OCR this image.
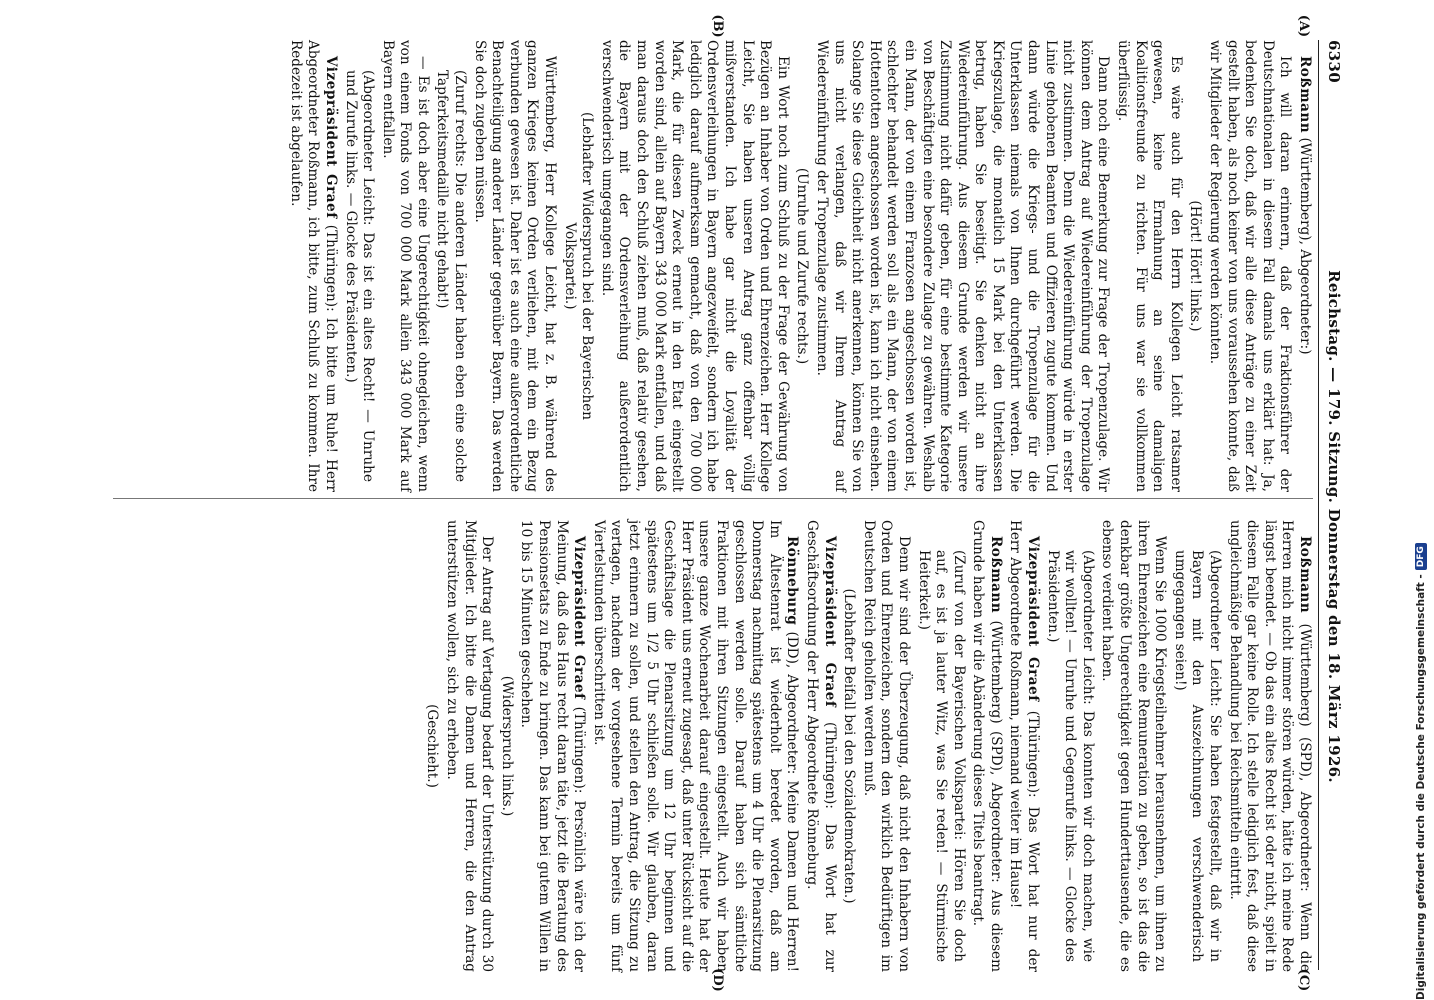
6330
Reichstag. — 179. Sitzung. Donnerstag den 18. März 1926.

Roßmann (Württemberg), Abgeordneter:)

Ich will daran erinnern, daß der Fraktionsführer der Deutschnationalen in diesem Fall damals uns erklärt hat: Ja, bedenken Sie doch, daß wir alle diese Anträge zu einer Zeit gestellt haben, als noch keiner von uns voraussehen konnte, daß wir Mitglieder der Regierung werden könnten.

(Hört! Hört! links.)

Es wäre auch für den Herrn Kollegen Leicht ratsamer gewesen, keine Ermahnung an seine damaligen Koalitionsfreunde zu richten. Für uns war sie vollkommen überflüssig.

Dann noch eine Bemerkung zur Frage der Tropenzulage. Wir können dem Antrag auf Wiedereinführung der Tropenzulage nicht zustimmen. Denn die Wiedereinführung würde in erster Linie gehobenen Beamten und Offizieren zugute kommen. Und dann würde die Kriegs- und die Tropenzulage für die Unterklassen niemals von Ihnen durchgeführt werden. Die Kriegszulage, die monatlich 15 Mark bei den Unterklassen betrug, haben Sie beseitigt. Sie denken nicht an ihre Wiedereinführung. Aus diesem Grunde werden wir unsere Zustimmung nicht dafür geben, für eine bestimmte Kategorie von Beschäftigten eine besondere Zulage zu gewähren. Weshalb ein Mann, der von einem Franzosen angeschossen worden ist, schlechter behandelt werden soll als ein Mann, der von einem Hottentotten angeschossen worden ist, kann ich nicht einsehen. Solange Sie diese Gleichheit nicht anerkennen, können Sie von uns nicht verlangen, daß wir Ihrem Antrag auf Wiedereinführung der Tropenzulage zustimmen.

(Unruhe und Zurufe rechts.)

Ein Wort noch zum Schluß zu der Frage der Gewährung von Bezügen an Inhaber von Orden und Ehrenzeichen. Herr Kollege Leicht, Sie haben unseren Antrag ganz offenbar völlig mißverstanden. Ich habe gar nicht die Loyalität der Ordensverleihungen in Bayern angezweifelt, sondern ich habe lediglich darauf aufmerksam gemacht, daß von den 700 000 Mark, die für diesen Zweck erneut in den Etat eingestellt worden sind, allein auf Bayern 343 000 Mark entfallen, und daß man daraus doch den Schluß ziehen muß, daß relativ gesehen, die Bayern mit der Ordensverleihung außerordentlich verschwenderisch umgegangen sind.

(Lebhafter Widerspruch bei der Bayerischen Volkspartei.)

Württemberg, Herr Kollege Leicht, hat z. B. während des ganzen Krieges keinen Orden verliehen, mit dem ein Bezug verbunden gewesen ist. Daher ist es auch eine außerordentliche Benachteiligung anderer Länder gegenüber Bayern. Das werden Sie doch zugeben müssen.

(Zuruf rechts: Die anderen Länder haben eben eine solche Tapferkeitsmedaille nicht gehabt!)

— Es ist doch aber eine Ungerechtigkeit ohnegleichen, wenn von einem Fonds von 700 000 Mark allein 343 000 Mark auf Bayern entfallen.

(Abgeordneter Leicht: Das ist ein altes Recht! — Unruhe und Zurufe links. — Glocke des Präsidenten.)

Vizepräsident Graef (Thüringen): Ich bitte um Ruhe! Herr Abgeordneter Roßmann, ich bitte, zum Schluß zu kommen. Ihre Redezeit ist abgelaufen.

Roßmann (Württemberg) (SPD), Abgeordneter: Wenn die Herren mich nicht immer stören würden, hätte ich meine Rede längst beendet. — Ob das ein altes Recht ist oder nicht, spielt in diesem Falle gar keine Rolle. Ich stelle lediglich fest, daß diese ungleichmäßige Behandlung bei Reichsmitteln eintritt.

(Abgeordneter Leicht: Sie haben festgestellt, daß wir in Bayern mit den Auszeichnungen verschwenderisch umgegangen seien!)

Wenn Sie 1000 Kriegsteilnehmer herausnehmen, um ihnen zu ihren Ehrenzeichen eine Remuneration zu geben, so ist das die denkbar größte Ungerechtigkeit gegen Hunderttausende, die es ebenso verdient haben.

(Abgeordneter Leicht: Das konnten wir doch machen, wie wir wollten! — Unruhe und Gegenrufe links. — Glocke des Präsidenten.)

Vizepräsident Graef (Thüringen): Das Wort hat nur der Herr Abgeordnete Roßmann, niemand weiter im Hause!

Roßmann (Württemberg) (SPD), Abgeordneter: Aus diesem Grunde haben wir die Abänderung dieses Titels beantragt.

(Zuruf von der Bayerischen Volkspartei: Hören Sie doch auf, es ist ja lauter Witz, was Sie reden! — Stürmische Heiterkeit.)

Denn wir sind der Überzeugung, daß nicht den Inhabern von Orden und Ehrenzeichen, sondern den wirklich Bedürftigen im Deutschen Reich geholfen werden muß.

(Lebhafter Beifall bei den Sozialdemokraten.)

Vizepräsident Graef (Thüringen): Das Wort hat zur Geschäftsordnung der Herr Abgeordnete Rönneburg.

Rönneburg (DD), Abgeordneter: Meine Damen und Herren! Im Ältestenrat ist wiederholt beredet worden, daß am Donnerstag nachmittag spätestens um 4 Uhr die Plenarsitzung geschlossen werden solle. Darauf haben sich sämtliche Fraktionen mit ihren Sitzungen eingestellt. Auch wir haben unsere ganze Wochenarbeit darauf eingestellt. Heute hat der Herr Präsident uns erneut zugesagt, daß unter Rücksicht auf die Geschäftslage die Plenarsitzung um 12 Uhr beginnen und spätestens um 1/2 5 Uhr schließen solle. Wir glauben, daran jetzt erinnern zu sollen, und stellen den Antrag, die Sitzung zu vertagen, nachdem der vorgesehene Termin bereits um fünf Viertelstunden überschritten ist.

Vizepräsident Graef (Thüringen): Persönlich wäre ich der Meinung, daß das Haus recht daran täte, jetzt die Beratung des Pensionsetats zu Ende zu bringen. Das kann bei gutem Willen in 10 bis 15 Minuten geschehen.

(Widerspruch links.)

Der Antrag auf Vertagung bedarf der Unterstützung durch 30 Mitglieder. Ich bitte die Damen und Herren, die den Antrag unterstützen wollen, sich zu erheben.

(Geschieht.)

(A)
(B)
(C)
(D)	Digitalisierung gefördert durch die Deutsche Forschungsgemeinschaft -
DFG
